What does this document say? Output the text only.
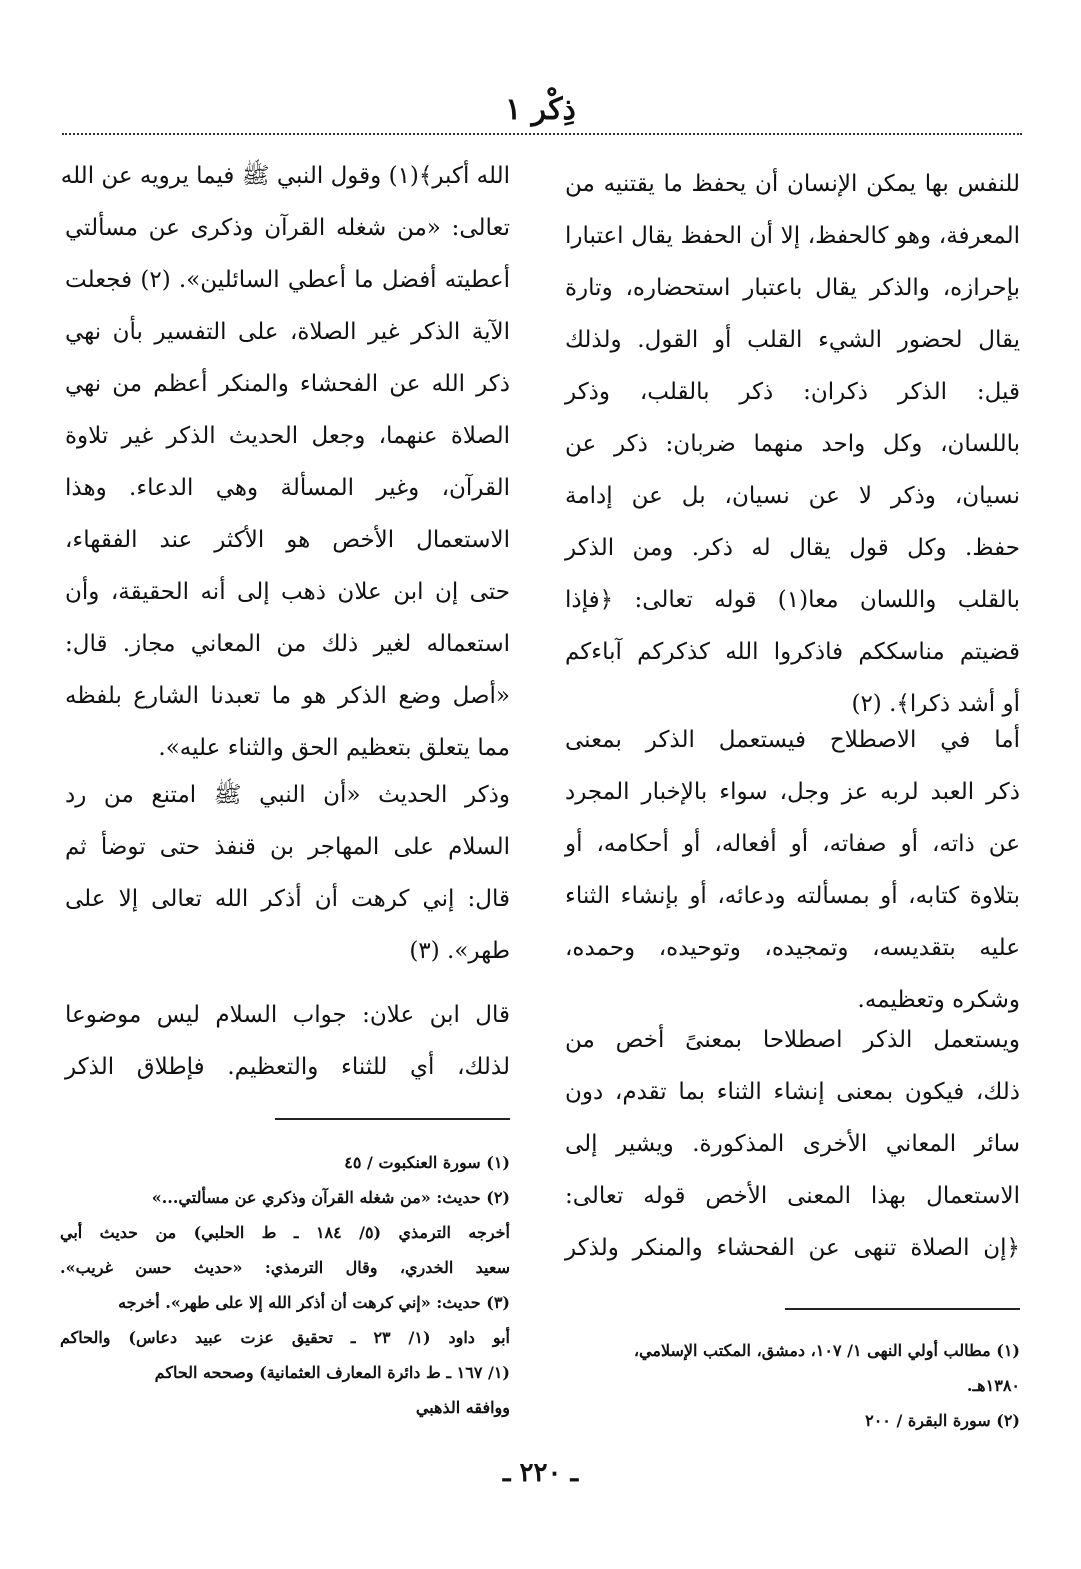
ذِكْر ١
للنفس بها يمكن الإنسان أن يحفظ ما يقتنيه من
المعرفة، وهو كالحفظ، إلا أن الحفظ يقال اعتبارا
بإحرازه، والذكر يقال باعتبار استحضاره، وتارة
يقال لحضور الشيء القلب أو القول. ولذلك
قيل: الذكر ذكران: ذكر بالقلب، وذكر
باللسان، وكل واحد منهما ضربان: ذكر عن
نسيان، وذكر لا عن نسيان، بل عن إدامة
حفظ. وكل قول يقال له ذكر. ومن الذكر
بالقلب واللسان معا(١) قوله تعالى: ﴿فإذا
قضيتم مناسككم فاذكروا الله كذكركم آباءكم
أو أشد ذكرا﴾. (٢)
أما في الاصطلاح فيستعمل الذكر بمعنى
ذكر العبد لربه عز وجل، سواء بالإخبار المجرد
عن ذاته، أو صفاته، أو أفعاله، أو أحكامه، أو
بتلاوة كتابه، أو بمسألته ودعائه، أو بإنشاء الثناء
عليه بتقديسه، وتمجيده، وتوحيده، وحمده،
وشكره وتعظيمه.
ويستعمل الذكر اصطلاحا بمعنىً أخص من
ذلك، فيكون بمعنى إنشاء الثناء بما تقدم، دون
سائر المعاني الأخرى المذكورة. ويشير إلى
الاستعمال بهذا المعنى الأخص قوله تعالى:
﴿إن الصلاة تنهى عن الفحشاء والمنكر ولذكر
الله أكبر﴾(١) وقول النبي ﷺ فيما يرويه عن الله
تعالى: «من شغله القرآن وذكرى عن مسألتي
أعطيته أفضل ما أعطي السائلين». (٢) فجعلت
الآية الذكر غير الصلاة، على التفسير بأن نهي
ذكر الله عن الفحشاء والمنكر أعظم من نهي
الصلاة عنهما، وجعل الحديث الذكر غير تلاوة
القرآن، وغير المسألة وهي الدعاء. وهذا
الاستعمال الأخص هو الأكثر عند الفقهاء،
حتى إن ابن علان ذهب إلى أنه الحقيقة، وأن
استعماله لغير ذلك من المعاني مجاز. قال:
«أصل وضع الذكر هو ما تعبدنا الشارع بلفظه
مما يتعلق بتعظيم الحق والثناء عليه».
وذكر الحديث «أن النبي ﷺ امتنع من رد
السلام على المهاجر بن قنفذ حتى توضأ ثم
قال: إني كرهت أن أذكر الله تعالى إلا على
طهر». (٣)
قال ابن علان: جواب السلام ليس موضوعا
لذلك، أي للثناء والتعظيم. فإطلاق الذكر
(١) مطالب أولي النهى ١/ ١٠٧، دمشق، المكتب الإسلامي،
١٣٨٠هـ.
(٢) سورة البقرة / ٢٠٠
(١) سورة العنكبوت / ٤٥
(٢) حديث: «من شغله القرآن وذكري عن مسألتي...»
أخرجه الترمذي (٥/ ١٨٤ ـ ط الحلبي) من حديث أبي
سعيد الخدري، وقال الترمذي: «حديث حسن غريب».
(٣) حديث: «إني كرهت أن أذكر الله إلا على طهر». أخرجه
أبو داود (١/ ٢٣ ـ تحقيق عزت عبيد دعاس) والحاكم
(١/ ١٦٧ ـ ط دائرة المعارف العثمانية) وصححه الحاكم
ووافقه الذهبي
ـ ٢٢٠ ـ
